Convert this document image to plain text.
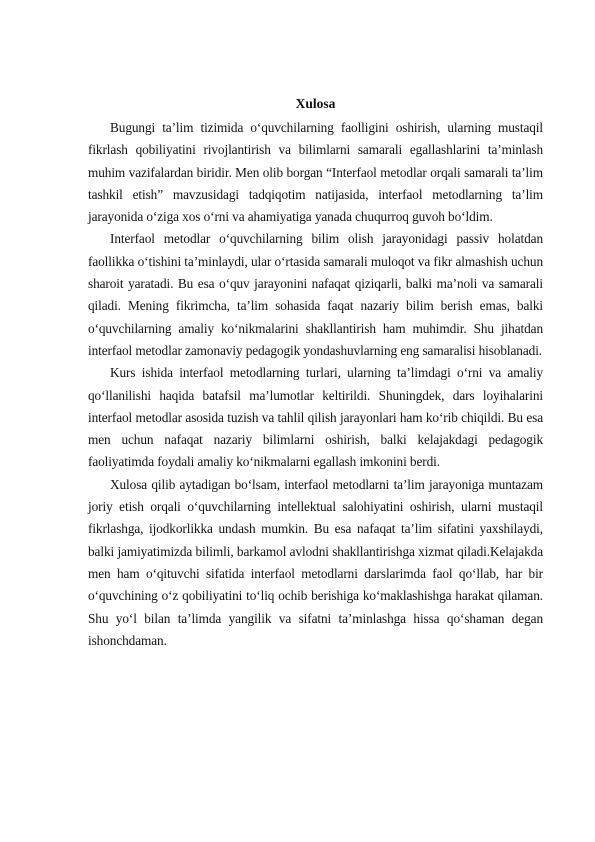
Xulosa

Bugungi ta’lim tizimida o‘quvchilarning faolligini oshirish, ularning mustaqil fikrlash qobiliyatini rivojlantirish va bilimlarni samarali egallashlarini ta’minlash muhim vazifalardan biridir. Men olib borgan “Interfaol metodlar orqali samarali ta’lim tashkil etish” mavzusidagi tadqiqotim natijasida, interfaol metodlarning ta’lim jarayonida o‘ziga xos o‘rni va ahamiyatiga yanada chuqurroq guvoh bo‘ldim.

Interfaol metodlar o‘quvchilarning bilim olish jarayonidagi passiv holatdan faollikka o‘tishini ta’minlaydi, ular o‘rtasida samarali muloqot va fikr almashish uchun sharoit yaratadi. Bu esa o‘quv jarayonini nafaqat qiziqarli, balki ma’noli va samarali qiladi. Mening fikrimcha, ta’lim sohasida faqat nazariy bilim berish emas, balki o‘quvchilarning amaliy ko‘nikmalarini shakllantirish ham muhimdir. Shu jihatdan interfaol metodlar zamonaviy pedagogik yondashuvlarning eng samaralisi hisoblanadi.

Kurs ishida interfaol metodlarning turlari, ularning ta’limdagi o‘rni va amaliy qo‘llanilishi haqida batafsil ma’lumotlar keltirildi. Shuningdek, dars loyihalarini interfaol metodlar asosida tuzish va tahlil qilish jarayonlari ham ko‘rib chiqildi. Bu esa men uchun nafaqat nazariy bilimlarni oshirish, balki kelajakdagi pedagogik faoliyatimda foydali amaliy ko‘nikmalarni egallash imkonini berdi.

Xulosa qilib aytadigan bo‘lsam, interfaol metodlarni ta’lim jarayoniga muntazam joriy etish orqali o‘quvchilarning intellektual salohiyatini oshirish, ularni mustaqil fikrlashga, ijodkorlikka undash mumkin. Bu esa nafaqat ta’lim sifatini yaxshilaydi, balki jamiyatimizda bilimli, barkamol avlodni shakllantirishga xizmat qiladi.Kelajakda men ham o‘qituvchi sifatida interfaol metodlarni darslarimda faol qo‘llab, har bir o‘quvchining o‘z qobiliyatini to‘liq ochib berishiga ko‘maklashishga harakat qilaman. Shu yo‘l bilan ta’limda yangilik va sifatni ta’minlashga hissa qo‘shaman degan ishonchdaman.
